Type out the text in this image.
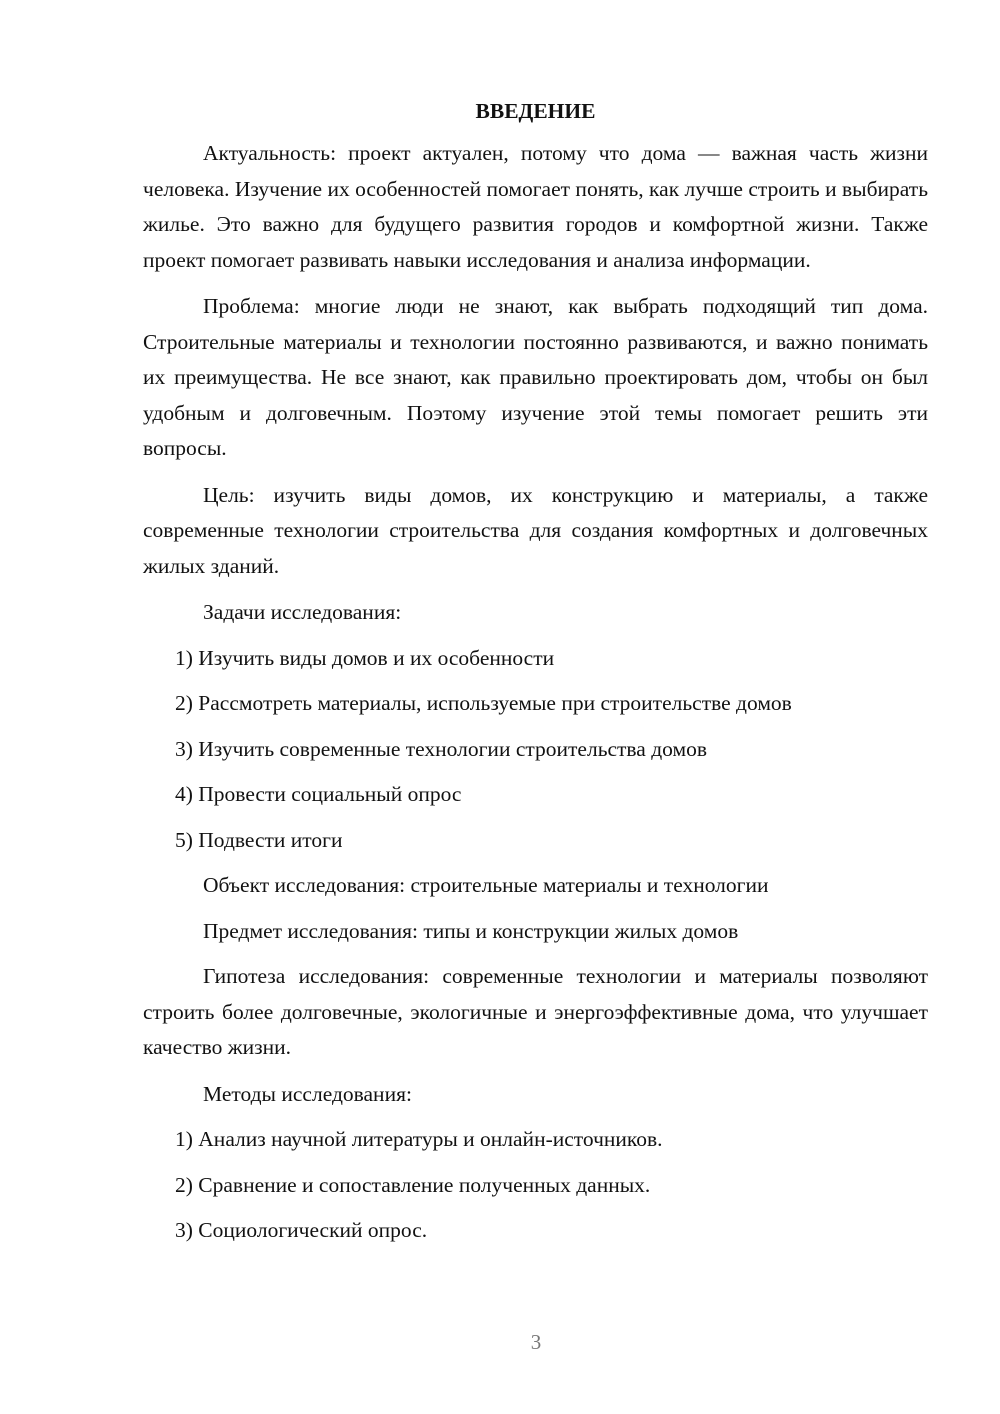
ВВЕДЕНИЕ

Актуальность: проект актуален, потому что дома — важная часть жизни человека. Изучение их особенностей помогает понять, как лучше строить и выбирать жилье. Это важно для будущего развития городов и комфортной жизни. Также проект помогает развивать навыки исследования и анализа информации.

Проблема: многие люди не знают, как выбрать подходящий тип дома. Строительные материалы и технологии постоянно развиваются, и важно понимать их преимущества. Не все знают, как правильно проектировать дом, чтобы он был удобным и долговечным. Поэтому изучение этой темы помогает решить эти вопросы.

Цель: изучить виды домов, их конструкцию и материалы, а также современные технологии строительства для создания комфортных и долговечных жилых зданий.

Задачи исследования:

1) Изучить виды домов и их особенности

2) Рассмотреть материалы, используемые при строительстве домов

3) Изучить современные технологии строительства домов

4) Провести социальный опрос

5) Подвести итоги

Объект исследования: строительные материалы и технологии

Предмет исследования: типы и конструкции жилых домов

Гипотеза исследования: современные технологии и материалы позволяют строить более долговечные, экологичные и энергоэффективные дома, что улучшает качество жизни.

Методы исследования:

1) Анализ научной литературы и онлайн-источников.

2) Сравнение и сопоставление полученных данных.

3) Социологический опрос.

3
